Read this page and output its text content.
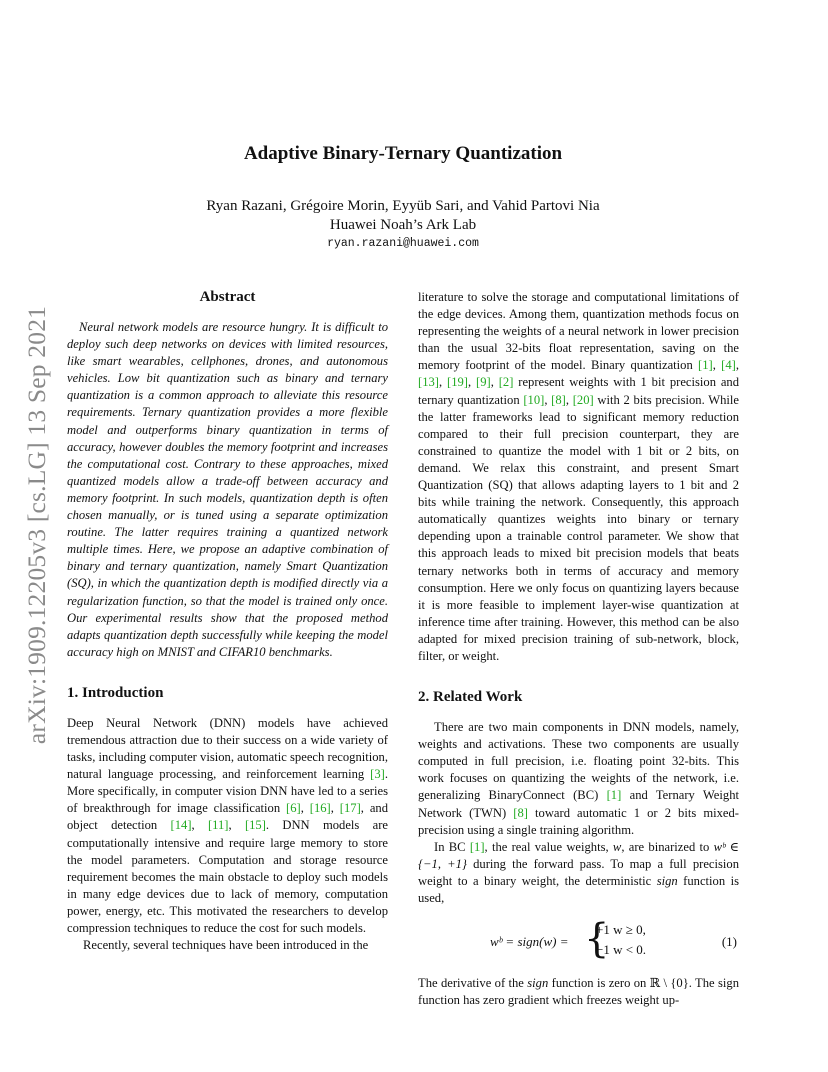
arXiv:1909.12205v3 [cs.LG] 13 Sep 2021
Adaptive Binary-Ternary Quantization
Ryan Razani, Grégoire Morin, Eyyüb Sari, and Vahid Partovi Nia
Huawei Noah’s Ark Lab
ryan.razani@huawei.com
Abstract

Neural network models are resource hungry. It is difficult to deploy such deep networks on devices with limited resources, like smart wearables, cellphones, drones, and autonomous vehicles. Low bit quantization such as binary and ternary quantization is a common approach to alleviate this resource requirements. Ternary quantization provides a more flexible model and outperforms binary quantization in terms of accuracy, however doubles the memory footprint and increases the computational cost. Contrary to these approaches, mixed quantized models allow a trade-off between accuracy and memory footprint. In such models, quantization depth is often chosen manually, or is tuned using a separate optimization routine. The latter requires training a quantized network multiple times. Here, we propose an adaptive combination of binary and ternary quantization, namely Smart Quantization (SQ), in which the quantization depth is modified directly via a regularization function, so that the model is trained only once. Our experimental results show that the proposed method adapts quantization depth successfully while keeping the model accuracy high on MNIST and CIFAR10 benchmarks.

1. Introduction

Deep Neural Network (DNN) models have achieved tremendous attraction due to their success on a wide variety of tasks, including computer vision, automatic speech recognition, natural language processing, and reinforcement learning [3]. More specifically, in computer vision DNN have led to a series of breakthrough for image classification [6], [16], [17], and object detection [14], [11], [15]. DNN models are computationally intensive and require large memory to store the model parameters. Computation and storage resource requirement becomes the main obstacle to deploy such models in many edge devices due to lack of memory, computation power, energy, etc. This motivated the researchers to develop compression techniques to reduce the cost for such models.

Recently, several techniques have been introduced in the

literature to solve the storage and computational limitations of the edge devices. Among them, quantization methods focus on representing the weights of a neural network in lower precision than the usual 32-bits float representation, saving on the memory footprint of the model. Binary quantization [1], [4], [13], [19], [9], [2] represent weights with 1 bit precision and ternary quantization [10], [8], [20] with 2 bits precision. While the latter frameworks lead to significant memory reduction compared to their full precision counterpart, they are constrained to quantize the model with 1 bit or 2 bits, on demand. We relax this constraint, and present Smart Quantization (SQ) that allows adapting layers to 1 bit and 2 bits while training the network. Consequently, this approach automatically quantizes weights into binary or ternary depending upon a trainable control parameter. We show that this approach leads to mixed bit precision models that beats ternary networks both in terms of accuracy and memory consumption. Here we only focus on quantizing layers because it is more feasible to implement layer-wise quantization at inference time after training. However, this method can be also adapted for mixed precision training of sub-network, block, filter, or weight.

2. Related Work

There are two main components in DNN models, namely, weights and activations. These two components are usually computed in full precision, i.e. floating point 32-bits. This work focuses on quantizing the weights of the network, i.e. generalizing BinaryConnect (BC) [1] and Ternary Weight Network (TWN) [8] toward automatic 1 or 2 bits mixed-precision using a single training algorithm.

In BC [1], the real value weights, w, are binarized to wᵇ ∈ {−1, +1} during the forward pass. To map a full precision weight to a binary weight, the deterministic sign function is used,

wᵇ = sign(w) = {
+1 w ≥ 0,
−1 w < 0.
(1)

The derivative of the sign function is zero on ℝ \ {0}. The sign function has zero gradient which freezes weight up-
